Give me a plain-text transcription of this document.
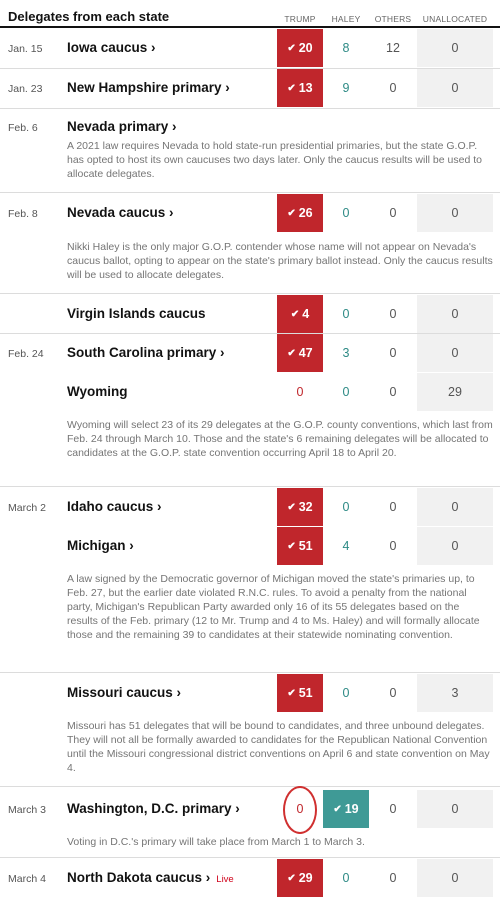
Delegates from each state	TRUMP	HALEY	OTHERS	UNALLOCATED
Jan. 15 Iowa caucus ›	✔ 20	8	12	0
Jan. 23 New Hampshire primary ›	✔ 13	9	0	0
Feb. 6 Nevada primary ›
A 2021 law requires Nevada to hold state-run presidential primaries, but the state G.O.P. has opted to host its own caucuses two days later. Only the caucus results will be used to allocate delegates.
Feb. 8 Nevada caucus ›	✔ 26	0	0	0
Nikki Haley is the only major G.O.P. contender whose name will not appear on Nevada's caucus ballot, opting to appear on the state's primary ballot instead. Only the caucus results will be used to allocate delegates.
Virgin Islands caucus	✔ 4	0	0	0
Feb. 24 South Carolina primary ›	✔ 47	3	0	0
Wyoming	0	0	0	29
Wyoming will select 23 of its 29 delegates at the G.O.P. county conventions, which last from Feb. 24 through March 10. Those and the state's 6 remaining delegates will be allocated to candidates at the G.O.P. state convention occurring April 18 to April 20.
March 2 Idaho caucus ›	✔ 32	0	0	0
Michigan ›	✔ 51	4	0	0
A law signed by the Democratic governor of Michigan moved the state's primaries up, to Feb. 27, but the earlier date violated R.N.C. rules. To avoid a penalty from the national party, Michigan's Republican Party awarded only 16 of its 55 delegates based on the results of the Feb. primary (12 to Mr. Trump and 4 to Ms. Haley) and will formally allocate those and the remaining 39 to candidates at their statewide nominating convention.
Missouri caucus ›	✔ 51	0	0	3
Missouri has 51 delegates that will be bound to candidates, and three unbound delegates. They will not all be formally awarded to candidates for the Republican National Convention until the Missouri congressional district conventions on April 6 and state convention on May 4.
March 3 Washington, D.C. primary ›	0	✔ 19	0	0
Voting in D.C.'s primary will take place from March 1 to March 3.
March 4 North Dakota caucus › Live	✔ 29	0	0	0
